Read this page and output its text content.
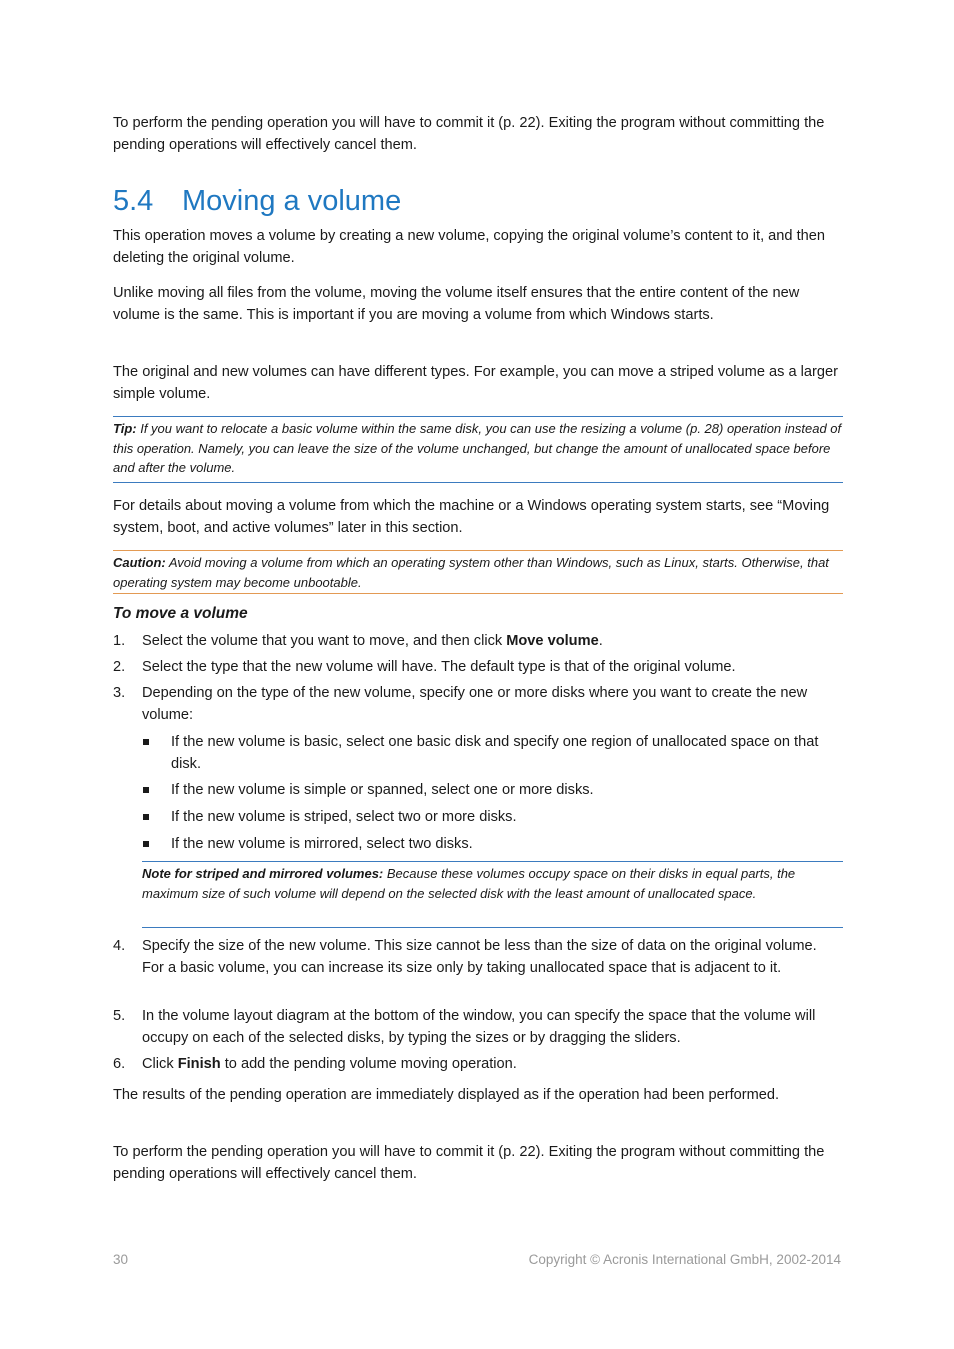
To perform the pending operation you will have to commit it (p. 22). Exiting the program without committing the pending operations will effectively cancel them.

5.4 Moving a volume

This operation moves a volume by creating a new volume, copying the original volume’s content to it, and then deleting the original volume.

Unlike moving all files from the volume, moving the volume itself ensures that the entire content of the new volume is the same. This is important if you are moving a volume from which Windows starts.

The original and new volumes can have different types. For example, you can move a striped volume as a larger simple volume.

Tip: If you want to relocate a basic volume within the same disk, you can use the resizing a volume (p. 28) operation instead of this operation. Namely, you can leave the size of the volume unchanged, but change the amount of unallocated space before and after the volume.

For details about moving a volume from which the machine or a Windows operating system starts, see “Moving system, boot, and active volumes” later in this section.

Caution: Avoid moving a volume from which an operating system other than Windows, such as Linux, starts. Otherwise, that operating system may become unbootable.
To move a volume
1. Select the volume that you want to move, and then click Move volume.
2. Select the type that the new volume will have. The default type is that of the original volume.
3. Depending on the type of the new volume, specify one or more disks where you want to create the new volume:
If the new volume is basic, select one basic disk and specify one region of unallocated space on that disk.
If the new volume is simple or spanned, select one or more disks.
If the new volume is striped, select two or more disks.
If the new volume is mirrored, select two disks.
Note for striped and mirrored volumes: Because these volumes occupy space on their disks in equal parts, the maximum size of such volume will depend on the selected disk with the least amount of unallocated space.
4. Specify the size of the new volume. This size cannot be less than the size of data on the original volume. For a basic volume, you can increase its size only by taking unallocated space that is adjacent to it.
5. In the volume layout diagram at the bottom of the window, you can specify the space that the volume will occupy on each of the selected disks, by typing the sizes or by dragging the sliders.
6. Click Finish to add the pending volume moving operation.

The results of the pending operation are immediately displayed as if the operation had been performed.

To perform the pending operation you will have to commit it (p. 22). Exiting the program without committing the pending operations will effectively cancel them.

30	Copyright © Acronis International GmbH, 2002-2014
